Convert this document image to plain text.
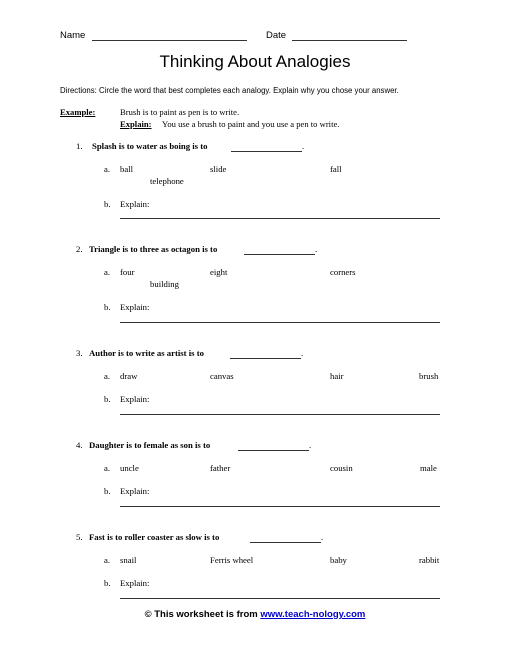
Name	Date
Thinking About Analogies
Directions: Circle the word that best completes each analogy. Explain why you chose your answer.
Example:	Brush is to paint as pen is to write.
Explain: You use a brush to paint and you use a pen to write.
1. Splash is to water as boing is to	.
a. ball	slide	fall
telephone
b. Explain:
2. Triangle is to three as octagon is to	.
a. four	eight	corners
building
b. Explain:
3. Author is to write as artist is to	.
a. draw	canvas	hair	brush
b. Explain:
4. Daughter is to female as son is to	.
a. uncle	father	cousin	male
b. Explain:
5. Fast is to roller coaster as slow is to	.
a. snail	Ferris wheel	baby	rabbit
b. Explain:
© This worksheet is from www.teach-nology.com
